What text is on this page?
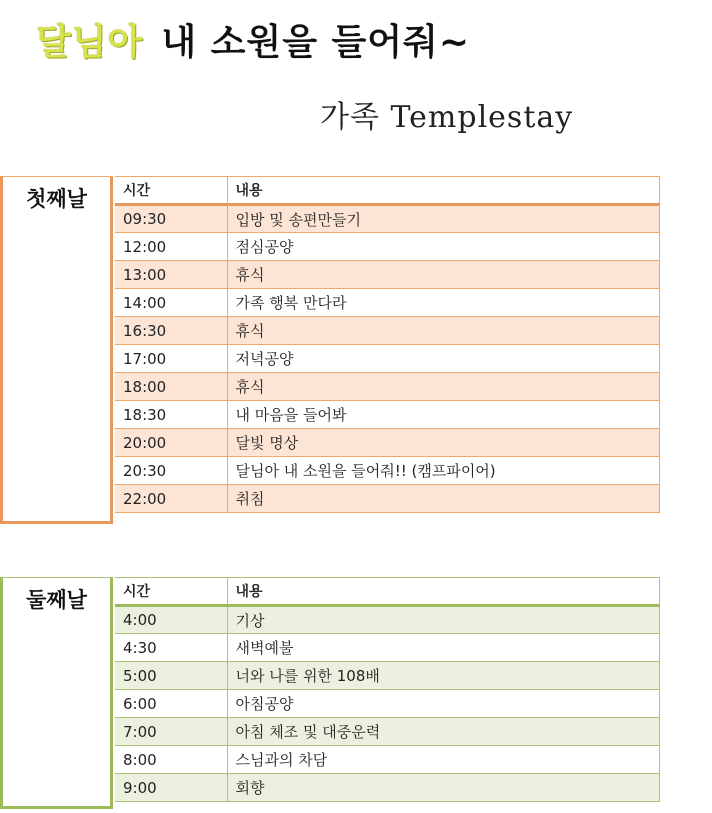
달님아 내 소원을 들어줘~
가족 Templestay
첫째날	시간	내용
09:30	입방 및 송편만들기
12:00	점심공양
13:00	휴식
14:00	가족 행복 만다라
16:30	휴식
17:00	저녁공양
18:00	휴식
18:30	내 마음을 들어봐
20:00	달빛 명상
20:30	달님아 내 소원을 들어줘!! (캠프파이어)
22:00	취침
둘째날	시간	내용
4:00	기상
4:30	새벽예불
5:00	너와 나를 위한 108배
6:00	아침공양
7:00	아침 체조 및 대중운력
8:00	스님과의 차담
9:00	회향
